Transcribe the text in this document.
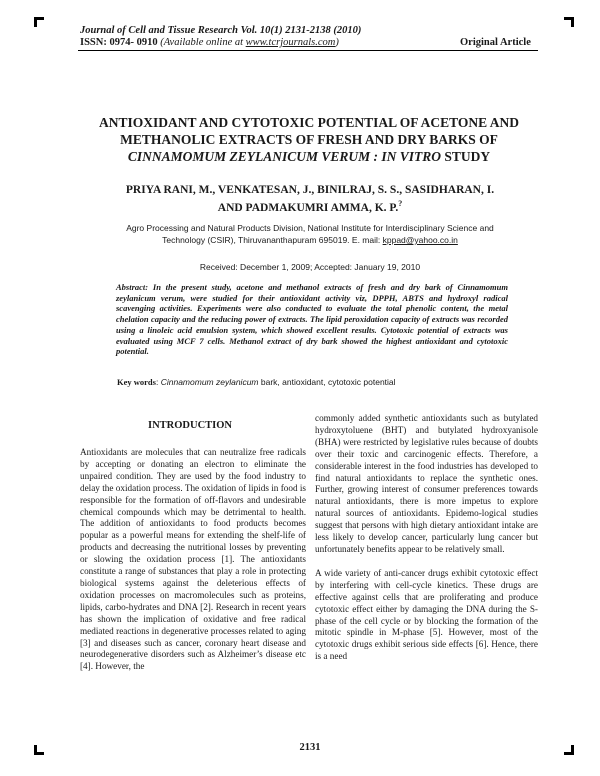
Journal of Cell and Tissue Research Vol. 10(1) 2131-2138 (2010)
ISSN: 0974- 0910 (Available online at www.tcrjournals.com)	Original Article
ANTIOXIDANT AND CYTOTOXIC POTENTIAL OF ACETONE AND
METHANOLIC EXTRACTS OF FRESH AND DRY BARKS OF
CINNAMOMUM ZEYLANICUM VERUM : IN VITRO STUDY
PRIYA RANI, M., VENKATESAN, J., BINILRAJ, S. S., SASIDHARAN, I.
AND PADMAKUMRI AMMA, K. P.?
Agro Processing and Natural Products Division, National Institute for Interdisciplinary Science and
Technology (CSIR), Thiruvananthapuram 695019. E. mail: kppad@yahoo.co.in
Received: December 1, 2009; Accepted: January 19, 2010
Abstract: In the present study, acetone and methanol extracts of fresh and dry bark of Cinnamomum zeylanicum verum, were studied for their antioxidant activity viz, DPPH, ABTS and hydroxyl radical scavenging activities. Experiments were also conducted to evaluate the total phenolic content, the metal chelation capacity and the reducing power of extracts. The lipid peroxidation capacity of extracts was recorded using a linoleic acid emulsion system, which showed excellent results. Cytotoxic potential of extracts was evaluated using MCF 7 cells. Methanol extract of dry bark showed the highest antioxidant and cytotoxic potential.
Key words: Cinnamomum zeylanicum bark, antioxidant, cytotoxic potential
INTRODUCTION

Antioxidants are molecules that can neutralize free radicals by accepting or donating an electron to eliminate the unpaired condition. They are used by the food industry to delay the oxidation process. The oxidation of lipids in food is responsible for the formation of off-flavors and undesirable chemical compounds which may be detrimental to health. The addition of antioxidants to food products becomes popular as a powerful means for extending the shelf-life of products and decreasing the nutritional losses by preventing or slowing the oxidation process [1]. The antioxidants constitute a range of substances that play a role in protecting biological systems against the deleterious effects of oxidation processes on macromolecules such as proteins, lipids, carbo-hydrates and DNA [2]. Research in recent years has shown the implication of oxidative and free radical mediated reactions in degenerative processes related to aging [3] and diseases such as cancer, coronary heart disease and neurodegenerative disorders such as Alzheimer’s disease etc [4]. However, the

commonly added synthetic antioxidants such as butylated hydroxytoluene (BHT) and butylated hydroxyanisole (BHA) were restricted by legislative rules because of doubts over their toxic and carcinogenic effects. Therefore, a considerable interest in the food industries has developed to find natural antioxidants to replace the synthetic ones. Further, growing interest of consumer preferences towards natural antioxidants, there is more impetus to explore natural sources of antioxidants. Epidemo-logical studies suggest that persons with high dietary antioxidant intake are less likely to develop cancer, particularly lung cancer but unfortunately benefits appear to be relatively small.

A wide variety of anti-cancer drugs exhibit cytotoxic effect by interfering with cell-cycle kinetics. These drugs are effective against cells that are proliferating and produce cytotoxic effect either by damaging the DNA during the S-phase of the cell cycle or by blocking the formation of the mitotic spindle in M-phase [5]. However, most of the cytotoxic drugs exhibit serious side effects [6]. Hence, there is a need

2131
